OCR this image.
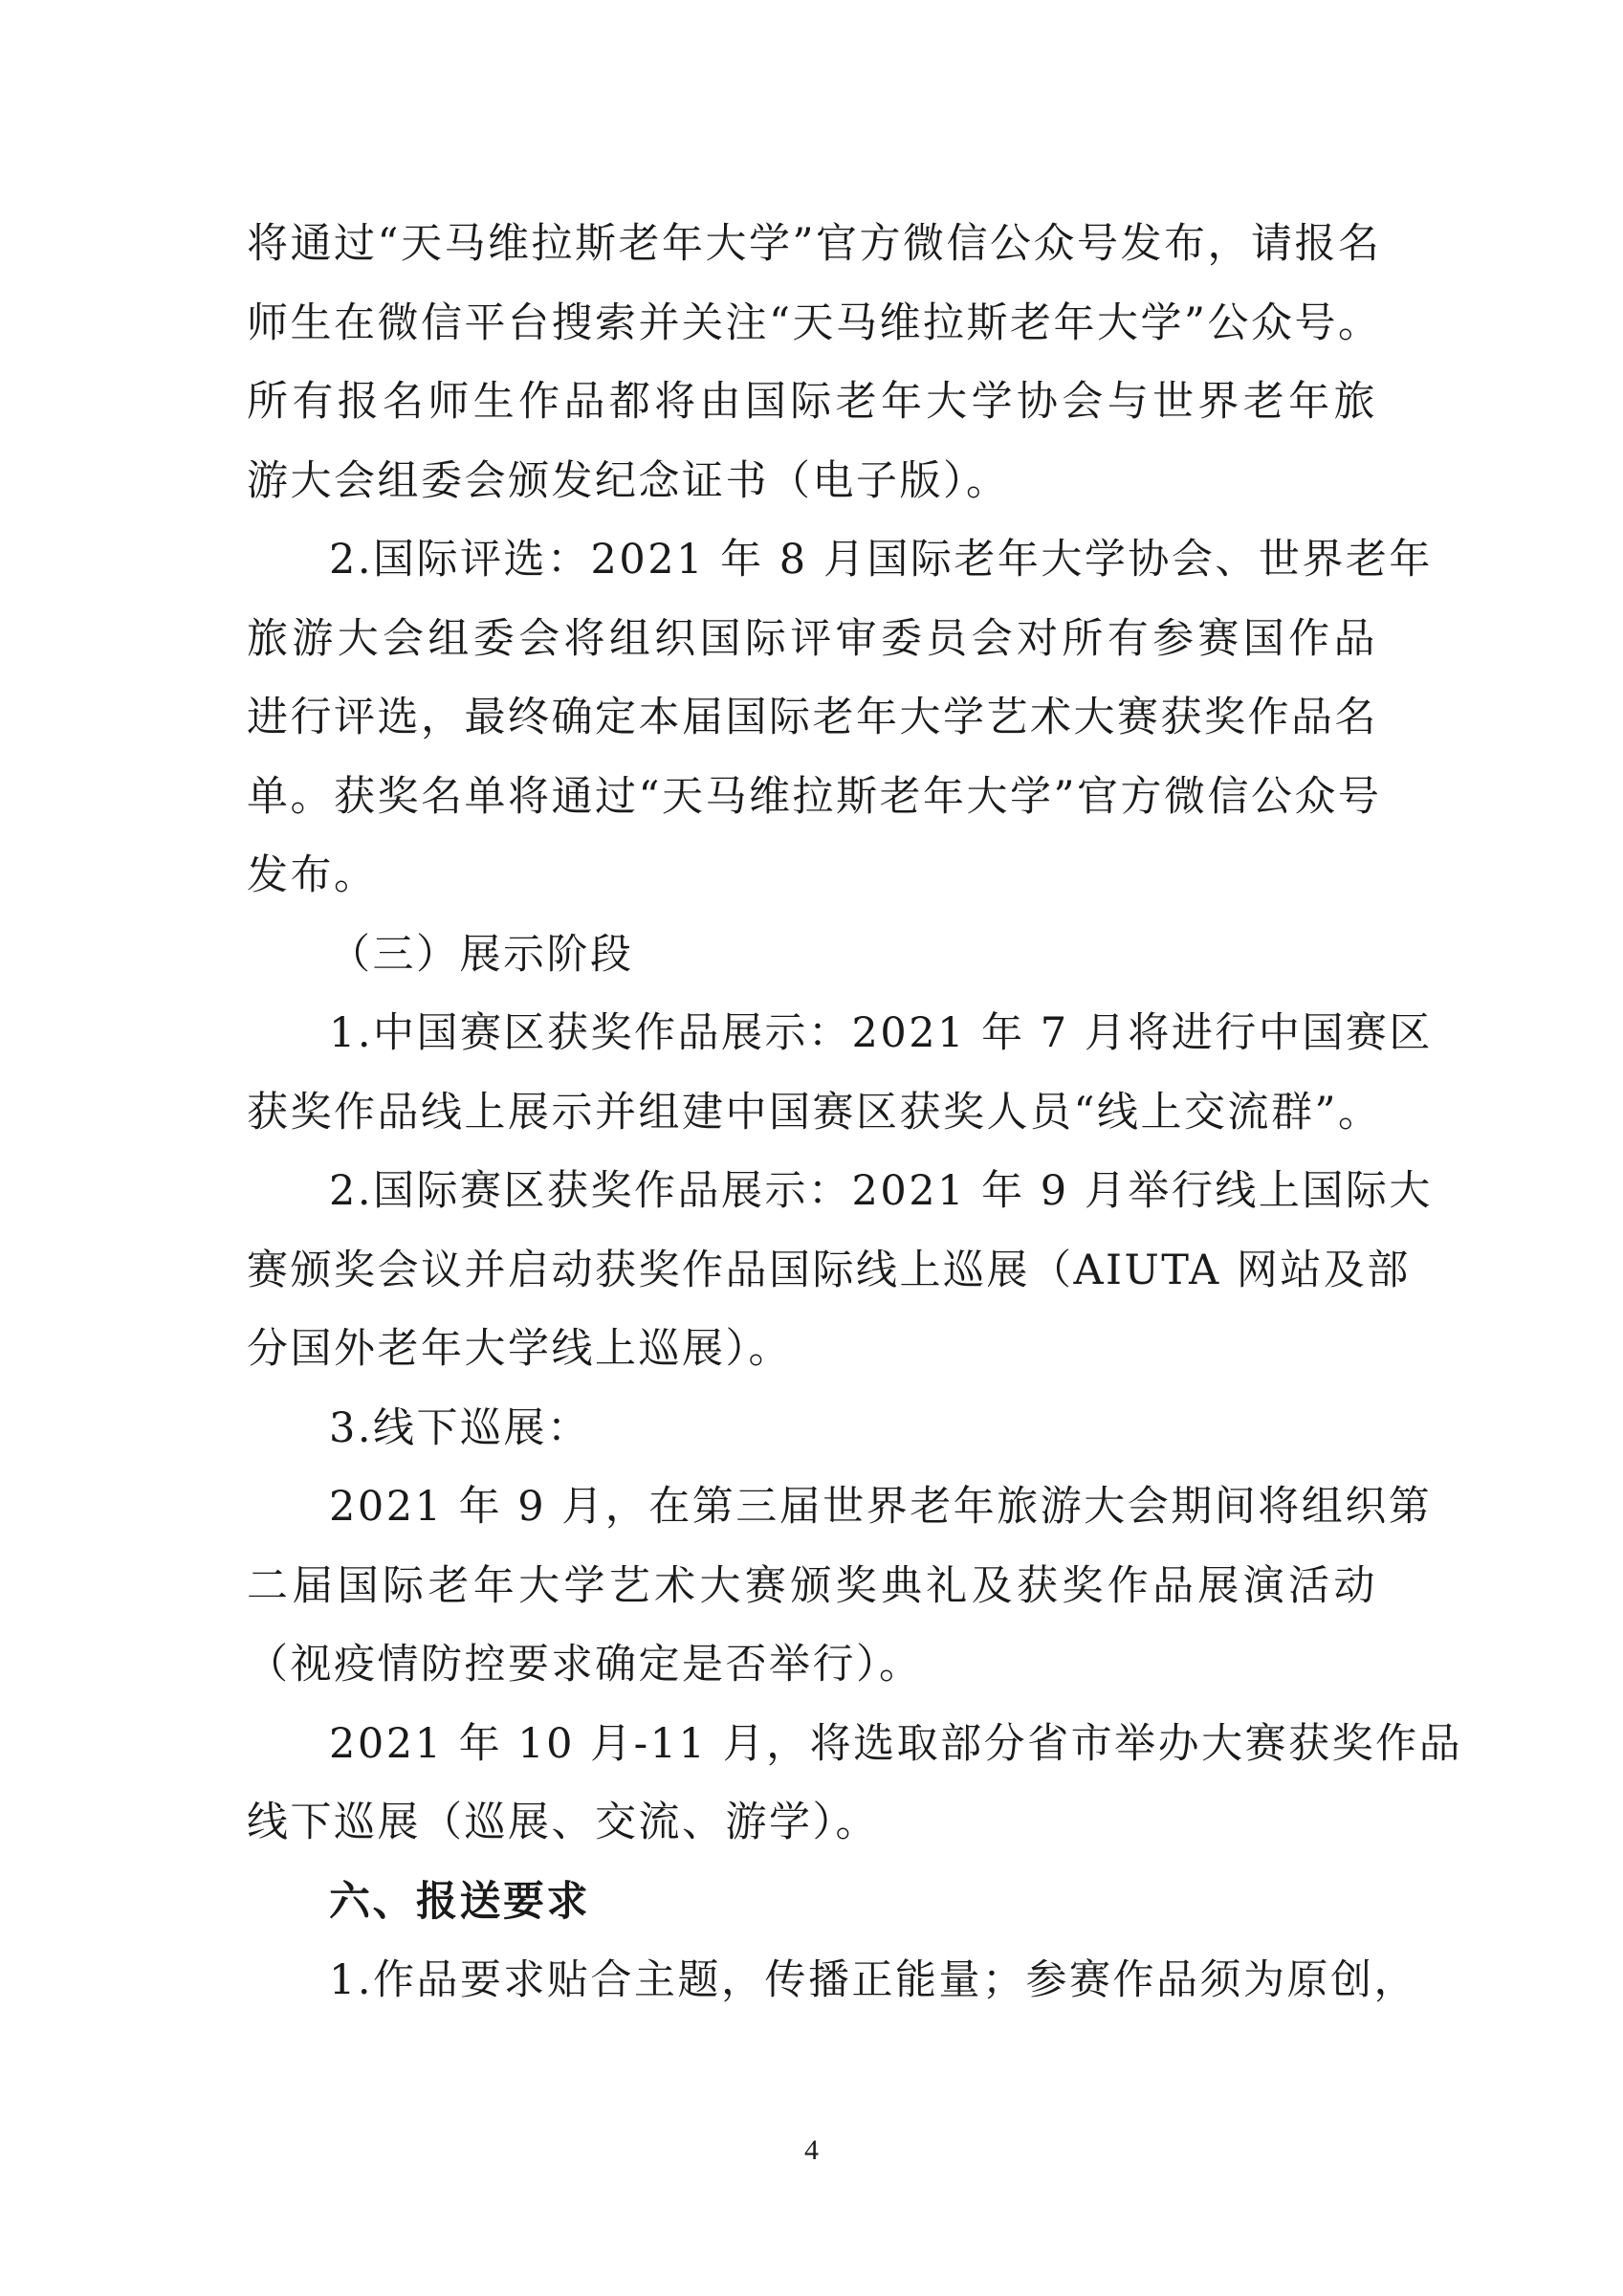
将通过“天马维拉斯老年大学”官方微信公众号发布，请报名
师生在微信平台搜索并关注“天马维拉斯老年大学”公众号。
所有报名师生作品都将由国际老年大学协会与世界老年旅
游大会组委会颁发纪念证书（电子版）。
2.国际评选：2021 年 8 月国际老年大学协会、世界老年
旅游大会组委会将组织国际评审委员会对所有参赛国作品
进行评选，最终确定本届国际老年大学艺术大赛获奖作品名
单。获奖名单将通过“天马维拉斯老年大学”官方微信公众号
发布。
（三）展示阶段
1.中国赛区获奖作品展示：2021 年 7 月将进行中国赛区
获奖作品线上展示并组建中国赛区获奖人员“线上交流群”。
2.国际赛区获奖作品展示：2021 年 9 月举行线上国际大
赛颁奖会议并启动获奖作品国际线上巡展（AIUTA 网站及部
分国外老年大学线上巡展）。
3.线下巡展：
2021 年 9 月，在第三届世界老年旅游大会期间将组织第
二届国际老年大学艺术大赛颁奖典礼及获奖作品展演活动
（视疫情防控要求确定是否举行）。
2021 年 10 月-11 月，将选取部分省市举办大赛获奖作品
线下巡展（巡展、交流、游学）。
六、报送要求
1.作品要求贴合主题，传播正能量；参赛作品须为原创，
4
